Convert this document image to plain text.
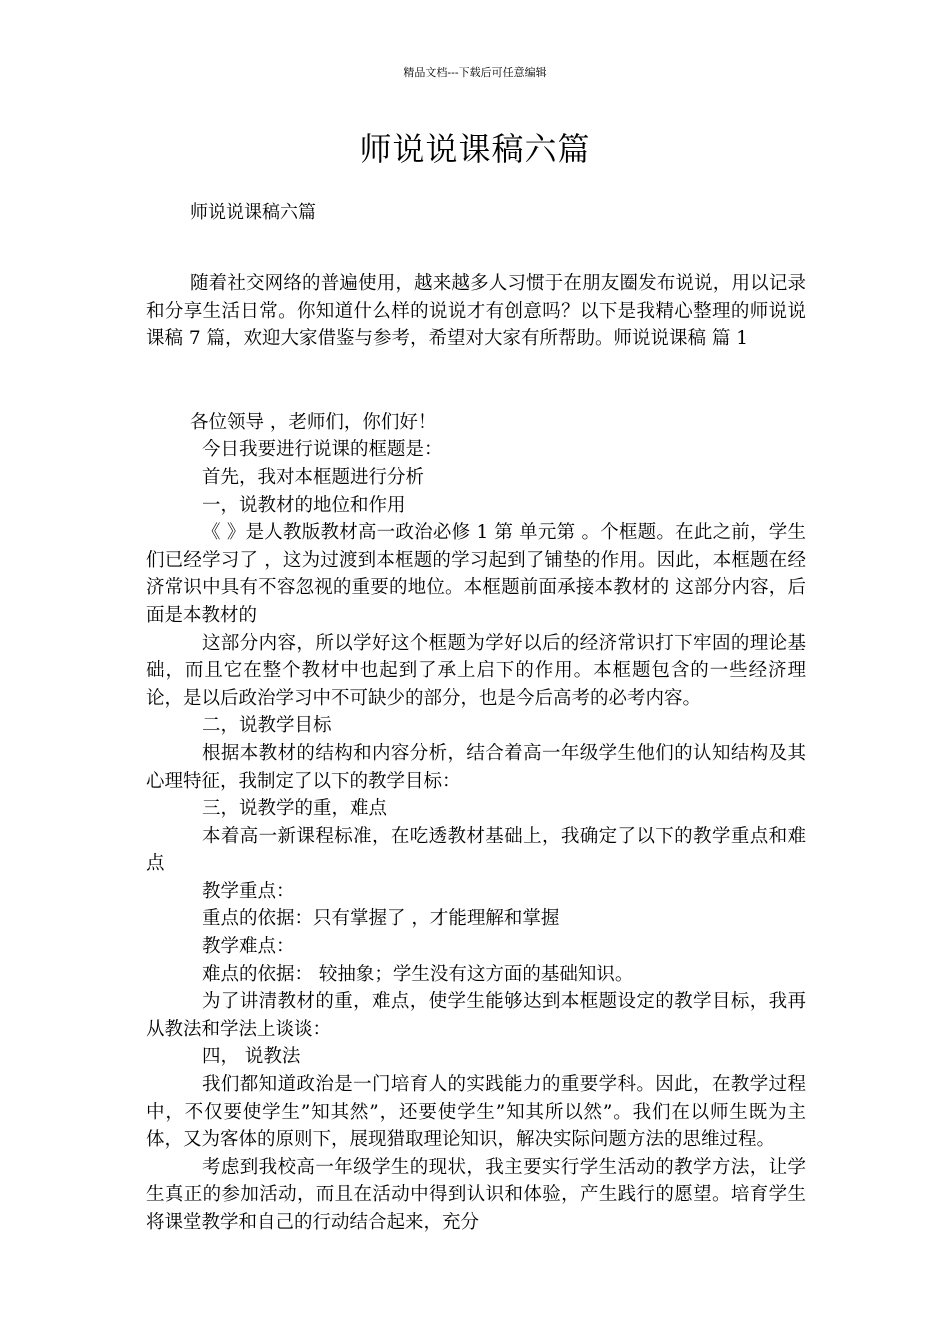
精品文档---下载后可任意编辑
师说说课稿六篇
师说说课稿六篇

随着社交网络的普遍使用，越来越多人习惯于在朋友圈发布说说，用以记录和分享生活日常。你知道什么样的说说才有创意吗？以下是我精心整理的师说说课稿 7 篇，欢迎大家借鉴与参考，希望对大家有所帮助。师说说课稿 篇 1

各位领导 ，老师们，你们好！

今日我要进行说课的框题是：

首先，我对本框题进行分析

一，说教材的地位和作用

《 》是人教版教材高一政治必修 1 第 单元第 。个框题。在此之前，学生们已经学习了 ，这为过渡到本框题的学习起到了铺垫的作用。因此，本框题在经济常识中具有不容忽视的重要的地位。本框题前面承接本教材的 这部分内容，后面是本教材的

这部分内容，所以学好这个框题为学好以后的经济常识打下牢固的理论基础，而且它在整个教材中也起到了承上启下的作用。本框题包含的一些经济理论，是以后政治学习中不可缺少的部分，也是今后高考的必考内容。

二，说教学目标

根据本教材的结构和内容分析，结合着高一年级学生他们的认知结构及其心理特征，我制定了以下的教学目标：

三，说教学的重，难点

本着高一新课程标准，在吃透教材基础上，我确定了以下的教学重点和难点

教学重点：

重点的依据：只有掌握了 ，才能理解和掌握

教学难点：

难点的依据： 较抽象；学生没有这方面的基础知识。

为了讲清教材的重，难点，使学生能够达到本框题设定的教学目标，我再从教法和学法上谈谈：

四， 说教法

我们都知道政治是一门培育人的实践能力的重要学科。因此，在教学过程中，不仅要使学生”知其然”，还要使学生”知其所以然”。我们在以师生既为主体，又为客体的原则下，展现猎取理论知识，解决实际问题方法的思维过程。

考虑到我校高一年级学生的现状，我主要实行学生活动的教学方法，让学生真正的参加活动，而且在活动中得到认识和体验，产生践行的愿望。培育学生将课堂教学和自己的行动结合起来，充分
